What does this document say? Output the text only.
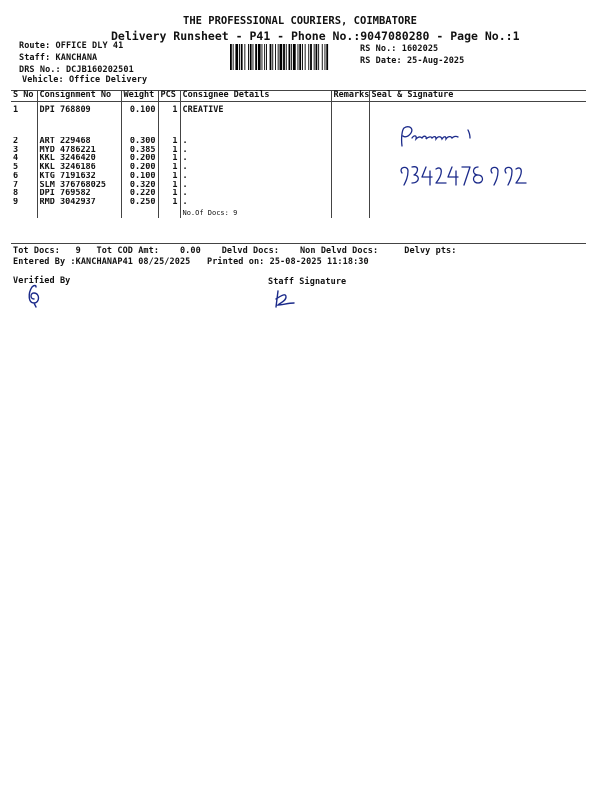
THE PROFESSIONAL COURIERS, COIMBATORE
Delivery Runsheet - P41 - Phone No.:9047080280 - Page No.:1
Route: OFFICE DLY 41
Staff: KANCHANA
DRS No.: DCJB160202501
Vehicle: Office Delivery
RS No.: 1602025
RS Date: 25-Aug-2025
S No	Consignment No	Weight	PCS	Consignee Details	Remarks	Seal & Signature
1	DPI 768809	0.100	1	CREATIVE		
2	ART 229468	0.300	1	.		
3	MYD 4786221	0.385	1	.		
4	KKL 3246420	0.200	1	.		
5	KKL 3246186	0.200	1	.		
6	KTG 7191632	0.100	1	.		
7	SLM 376768025	0.320	1	.		
8	DPI 769582	0.220	1	.		
9	RMD 3042937	0.250	1	.
No.Of Docs: 9		

Prasanna
Tot Docs:   9   Tot COD Amt:    0.00    Delvd Docs:    Non Delvd Docs:     Delvy pts:
Entered By :KANCHANAP41 08/25/2025 Printed on: 25-08-2025 11:18:30
Verified By	Staff Signature
